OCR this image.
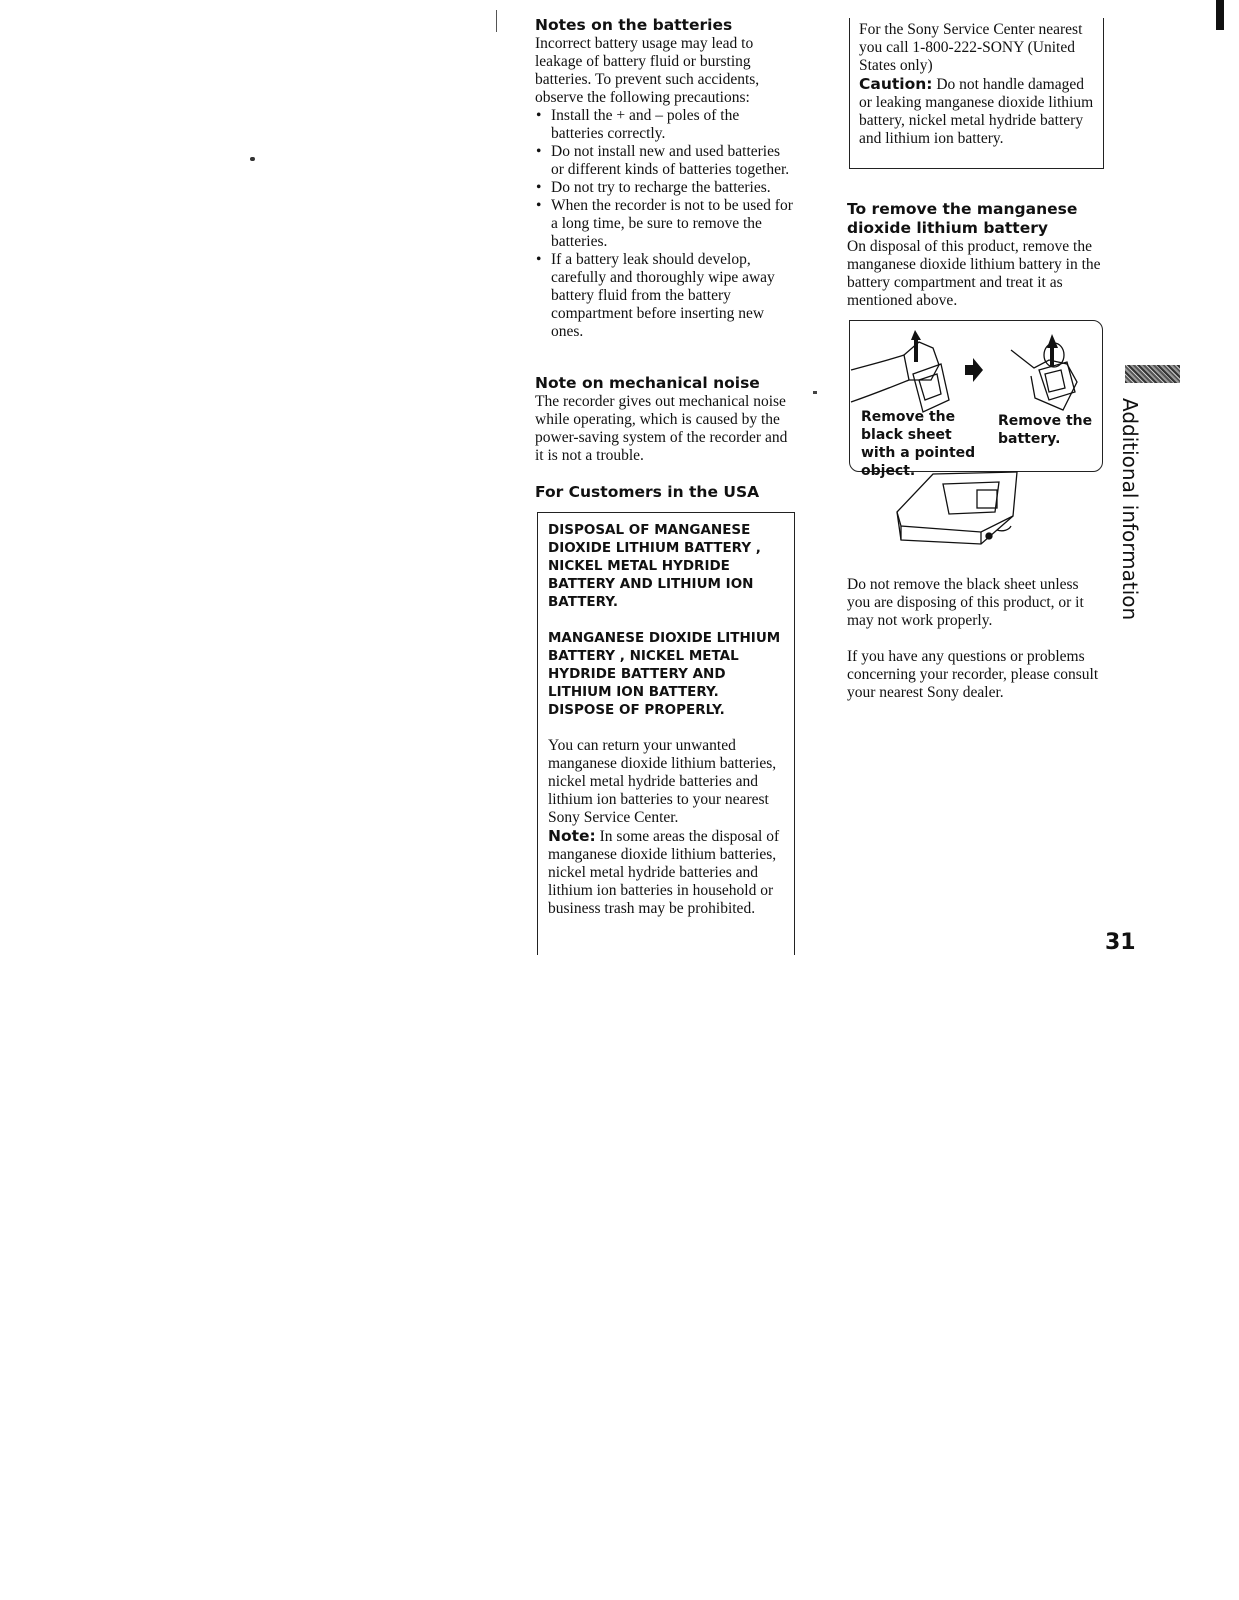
Notes on the batteries

Incorrect battery usage may lead to leakage of battery fluid or bursting batteries. To prevent such accidents, observe the following precautions:

• Install the + and – poles of the batteries correctly.
• Do not install new and used batteries or different kinds of batteries together.
• Do not try to recharge the batteries.
• When the recorder is not to be used for a long time, be sure to remove the batteries.
• If a battery leak should develop, carefully and thoroughly wipe away battery fluid from the battery compartment before inserting new ones.
Note on mechanical noise

The recorder gives out mechanical noise while operating, which is caused by the power-saving system of the recorder and it is not a trouble.

For Customers in the USA

DISPOSAL OF MANGANESE DIOXIDE LITHIUM BATTERY , NICKEL METAL HYDRIDE BATTERY AND LITHIUM ION BATTERY.

MANGANESE DIOXIDE LITHIUM BATTERY , NICKEL METAL HYDRIDE BATTERY AND LITHIUM ION BATTERY.

DISPOSE OF PROPERLY.

You can return your unwanted manganese dioxide lithium batteries, nickel metal hydride batteries and lithium ion batteries to your nearest Sony Service Center.

Note: In some areas the disposal of manganese dioxide lithium batteries, nickel metal hydride batteries and lithium ion batteries in household or business trash may be prohibited.

For the Sony Service Center nearest you call 1-800-222-SONY (United States only)

Caution: Do not handle damaged or leaking manganese dioxide lithium battery, nickel metal hydride battery and lithium ion battery.

To remove the manganese dioxide lithium battery

On disposal of this product, remove the manganese dioxide lithium battery in the battery compartment and treat it as mentioned above.

Remove the black sheet with a pointed object.
Remove the battery.

Do not remove the black sheet unless you are disposing of this product, or it may not work properly.

If you have any questions or problems concerning your recorder, please consult your nearest Sony dealer.

Additional information
31
